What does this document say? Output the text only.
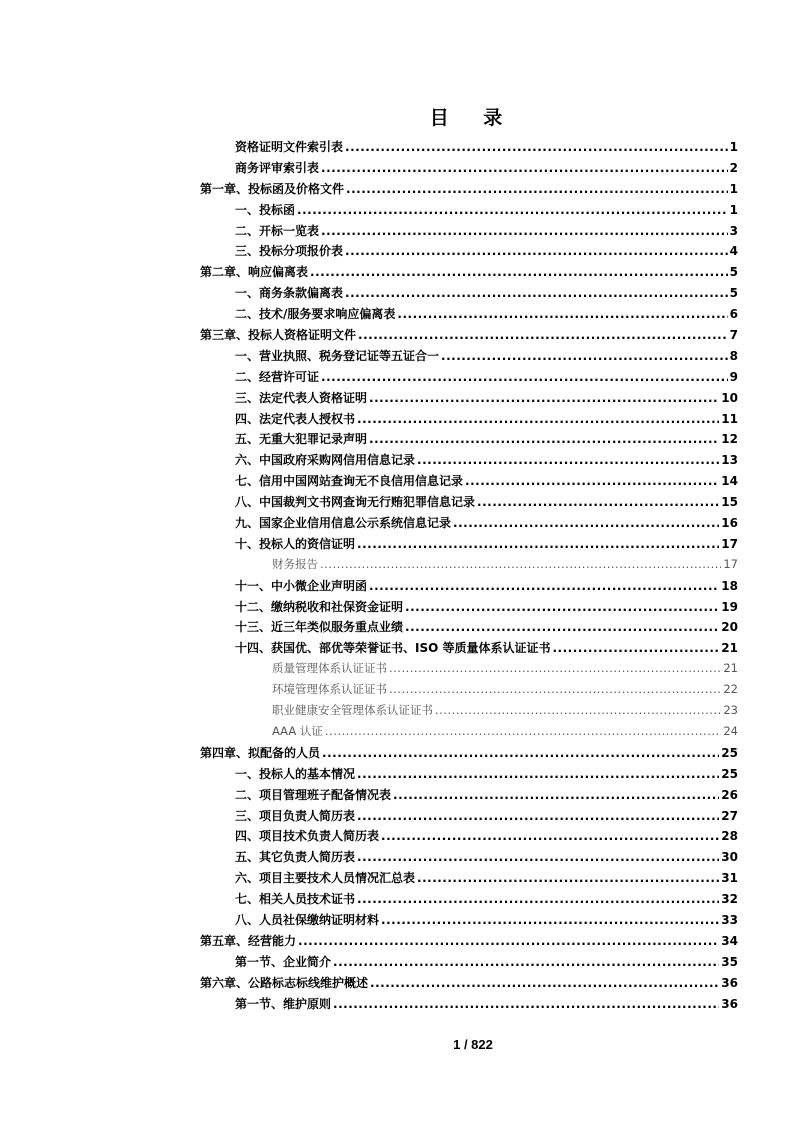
目 录
资格证明文件索引表 .....	1
商务评审索引表 .....	2
第一章、投标函及价格文件 .....	1
一、投标函 .....	1
二、开标一览表 .....	3
三、投标分项报价表 .....	4
第二章、响应偏离表 .....	5
一、商务条款偏离表 .....	5
二、技术/服务要求响应偏离表 .....	6
第三章、投标人资格证明文件 .....	7
一、营业执照、税务登记证等五证合一 .....	8
二、经营许可证 .....	9
三、法定代表人资格证明 .....	10
四、法定代表人授权书 .....	11
五、无重大犯罪记录声明 .....	12
六、中国政府采购网信用信息记录 .....	13
七、信用中国网站查询无不良信用信息记录 .....	14
八、中国裁判文书网查询无行贿犯罪信息记录 .....	15
九、国家企业信用信息公示系统信息记录 .....	16
十、投标人的资信证明 .....	17
财务报告 .....	17
十一、中小微企业声明函 .....	18
十二、缴纳税收和社保资金证明 .....	19
十三、近三年类似服务重点业绩 .....	20
十四、获国优、部优等荣誉证书、ISO 等质量体系认证证书 .....	21
质量管理体系认证证书 .....	21
环境管理体系认证证书 .....	22
职业健康安全管理体系认证证书 .....	23
AAA 认证 .....	24
第四章、拟配备的人员 .....	25
一、投标人的基本情况 .....	25
二、项目管理班子配备情况表 .....	26
三、项目负责人简历表 .....	27
四、项目技术负责人简历表 .....	28
五、其它负责人简历表 .....	30
六、项目主要技术人员情况汇总表 .....	31
七、相关人员技术证书 .....	32
八、人员社保缴纳证明材料 .....	33
第五章、经营能力 .....	34
第一节、企业简介 .....	35
第六章、公路标志标线维护概述 .....	36
第一节、维护原则 .....	36
1 / 822
